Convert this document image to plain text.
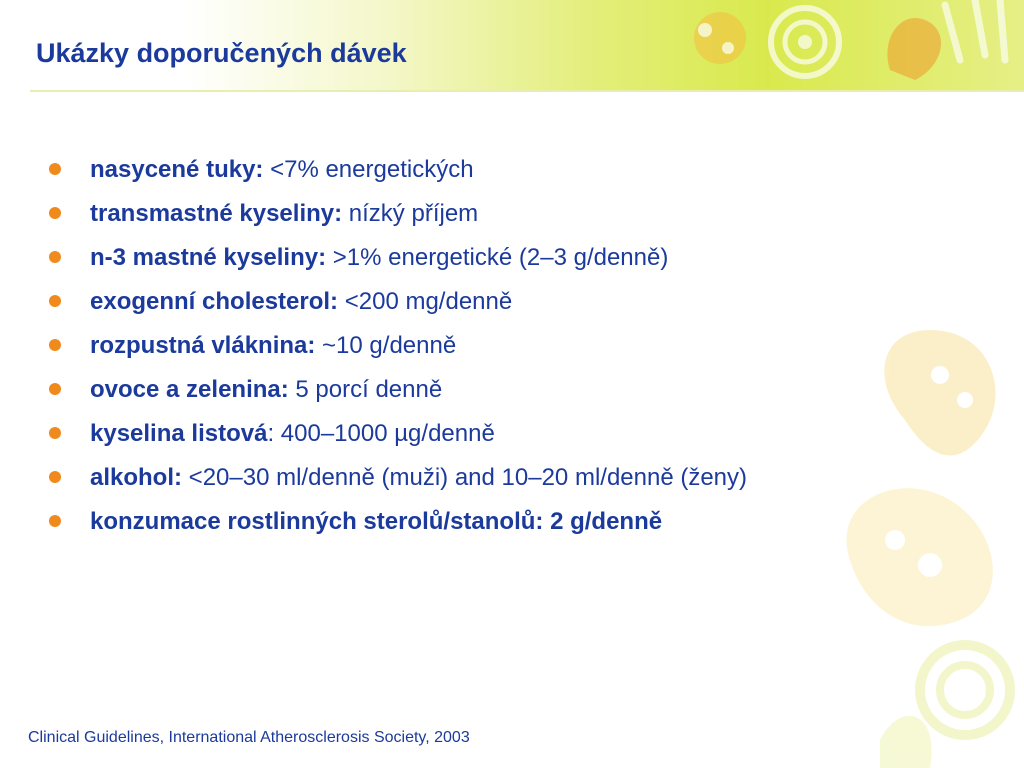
Ukázky doporučených dávek
nasycené tuky: <7% energetických
transmastné kyseliny: nízký příjem
n-3 mastné kyseliny: >1% energetické (2–3 g/denně)
exogenní cholesterol: <200 mg/denně
rozpustná vláknina: ~10 g/denně
ovoce a zelenina: 5 porcí denně
kyselina listová: 400–1000 µg/denně
alkohol: <20–30 ml/denně (muži) and 10–20 ml/denně (ženy)
konzumace rostlinných sterolů/stanolů: 2 g/denně

Clinical Guidelines, International Atherosclerosis Society, 2003
